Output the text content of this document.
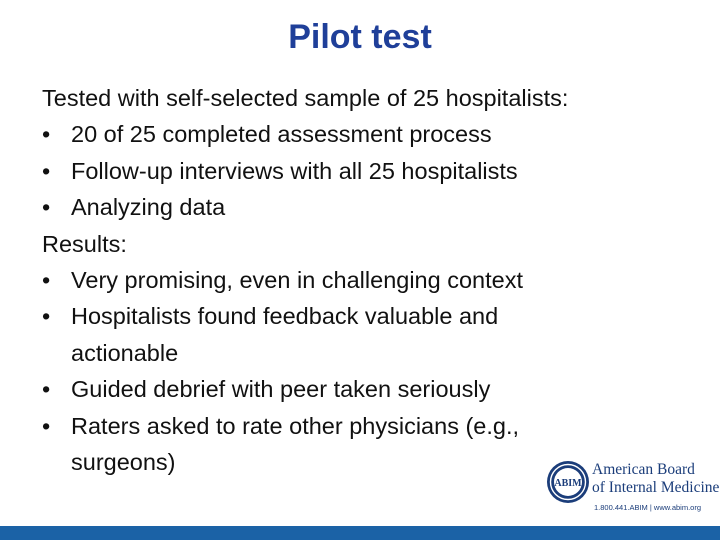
Pilot test
Tested with self-selected sample of 25 hospitalists:
• 20 of 25 completed assessment process
• Follow-up interviews with all 25 hospitalists
• Analyzing data
Results:
• Very promising, even in challenging context
• Hospitalists found feedback valuable and
actionable
• Guided debrief with peer taken seriously
• Raters asked to rate other physicians (e.g.,
surgeons)
ABIM
American Board
of Internal Medicine
1.800.441.ABIM | www.abim.org
